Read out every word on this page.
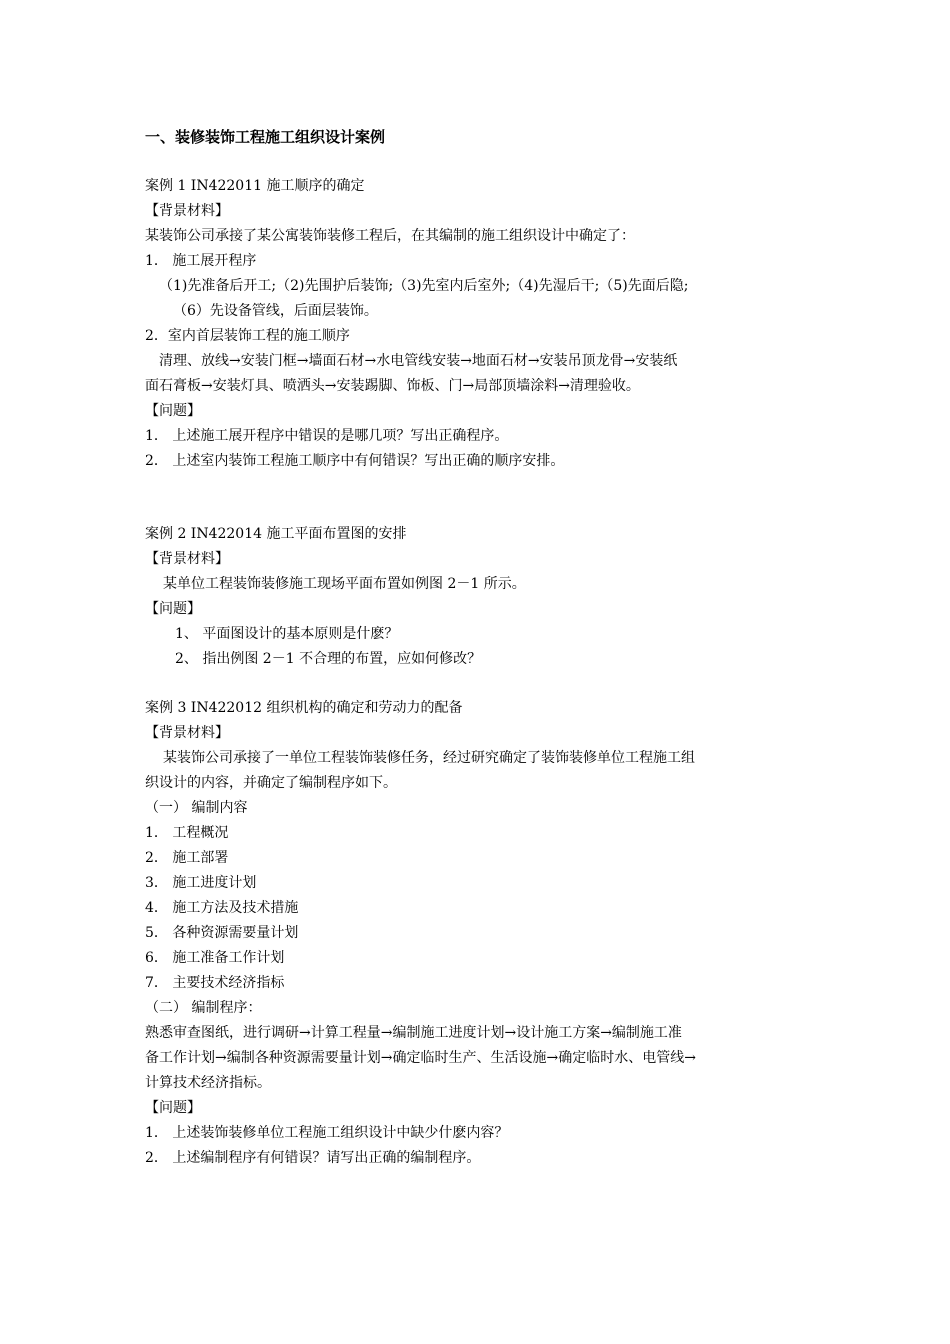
一、装修装饰工程施工组织设计案例
案例 1 IN422011 施工顺序的确定
【背景材料】
某装饰公司承接了某公寓装饰装修工程后，在其编制的施工组织设计中确定了：
1． 施工展开程序
（1)先准备后开工;（2)先围护后装饰;（3)先室内后室外;（4)先湿后干;（5)先面后隐;
（6）先设备管线，后面层装饰。
2．室内首层装饰工程的施工顺序
清理、放线→安装门框→墙面石材→水电管线安装→地面石材→安装吊顶龙骨→安装纸
面石膏板→安装灯具、喷洒头→安装踢脚、饰板、门→局部顶墙涂料→清理验收。
【问题】
1． 上述施工展开程序中错误的是哪几项？写出正确程序。
2． 上述室内装饰工程施工顺序中有何错误？写出正确的顺序安排。
案例 2 IN422014 施工平面布置图的安排
【背景材料】
某单位工程装饰装修施工现场平面布置如例图 2－1 所示。
【问题】
1、 平面图设计的基本原则是什麽？
2、 指出例图 2－1 不合理的布置，应如何修改？
案例 3 IN422012 组织机构的确定和劳动力的配备
【背景材料】
某装饰公司承接了一单位工程装饰装修任务，经过研究确定了装饰装修单位工程施工组
织设计的内容，并确定了编制程序如下。
（一） 编制内容
1． 工程概况
2． 施工部署
3． 施工进度计划
4． 施工方法及技术措施
5． 各种资源需要量计划
6． 施工准备工作计划
7． 主要技术经济指标
（二） 编制程序：
熟悉审查图纸，进行调研→计算工程量→编制施工进度计划→设计施工方案→编制施工准
备工作计划→编制各种资源需要量计划→确定临时生产、生活设施→确定临时水、电管线→
计算技术经济指标。
【问题】
1． 上述装饰装修单位工程施工组织设计中缺少什麽内容？
2． 上述编制程序有何错误？请写出正确的编制程序。
